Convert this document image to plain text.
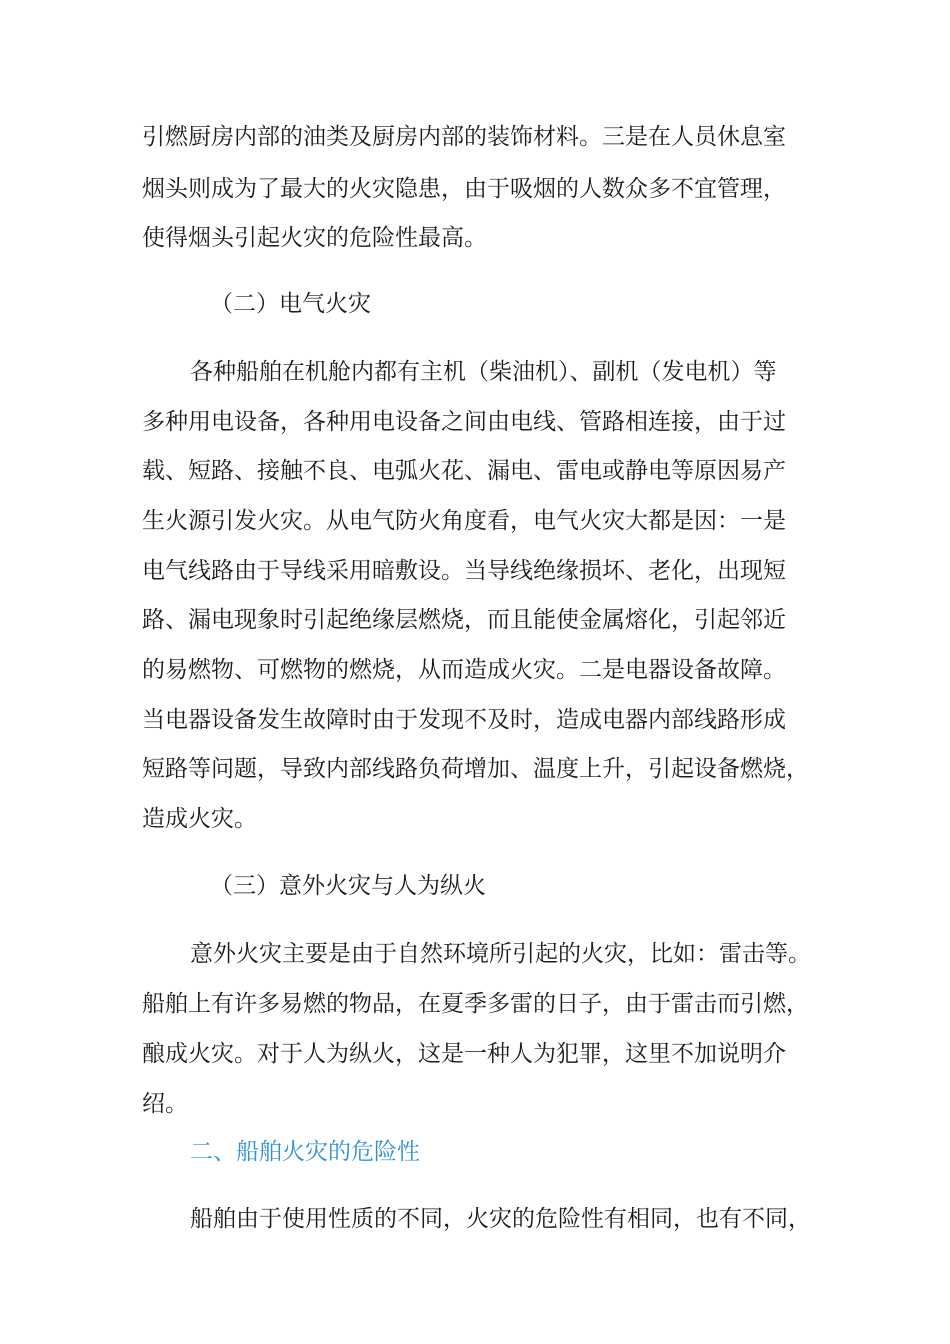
引燃厨房内部的油类及厨房内部的装饰材料。三是在人员休息室
烟头则成为了最大的火灾隐患，由于吸烟的人数众多不宜管理，
使得烟头引起火灾的危险性最高。
（二）电气火灾
各种船舶在机舱内都有主机（柴油机）、副机（发电机）等
多种用电设备，各种用电设备之间由电线、管路相连接，由于过
载、短路、接触不良、电弧火花、漏电、雷电或静电等原因易产
生火源引发火灾。从电气防火角度看，电气火灾大都是因：一是
电气线路由于导线采用暗敷设。当导线绝缘损坏、老化，出现短
路、漏电现象时引起绝缘层燃烧，而且能使金属熔化，引起邻近
的易燃物、可燃物的燃烧，从而造成火灾。二是电器设备故障。
当电器设备发生故障时由于发现不及时，造成电器内部线路形成
短路等问题，导致内部线路负荷增加、温度上升，引起设备燃烧，
造成火灾。
（三）意外火灾与人为纵火
意外火灾主要是由于自然环境所引起的火灾，比如：雷击等。
船舶上有许多易燃的物品，在夏季多雷的日子，由于雷击而引燃，
酿成火灾。对于人为纵火，这是一种人为犯罪，这里不加说明介
绍。
二、船舶火灾的危险性
船舶由于使用性质的不同，火灾的危险性有相同，也有不同，
